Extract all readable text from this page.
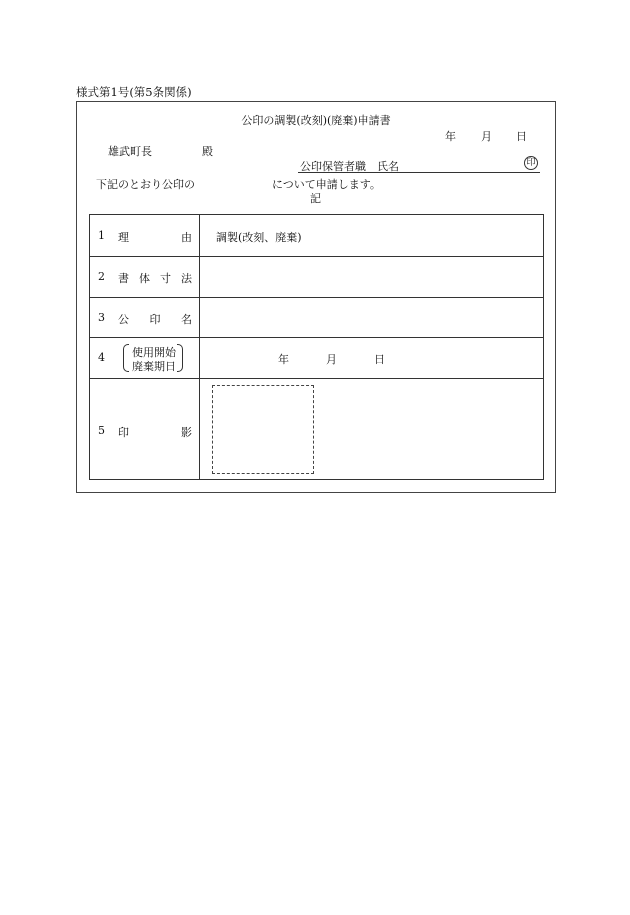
様式第1号(第5条関係)
公印の調製(改刻)(廃棄)申請書
年 月 日
雄武町長	殿
公印保管者職　氏名	印
下記のとおり公印の	について申請します。
記
1 理	由 調製(改刻、廃棄)
2 書 体 寸 法
3 公 印 名
4 使用開始
廃棄期日
年	月	日
5 印	影
